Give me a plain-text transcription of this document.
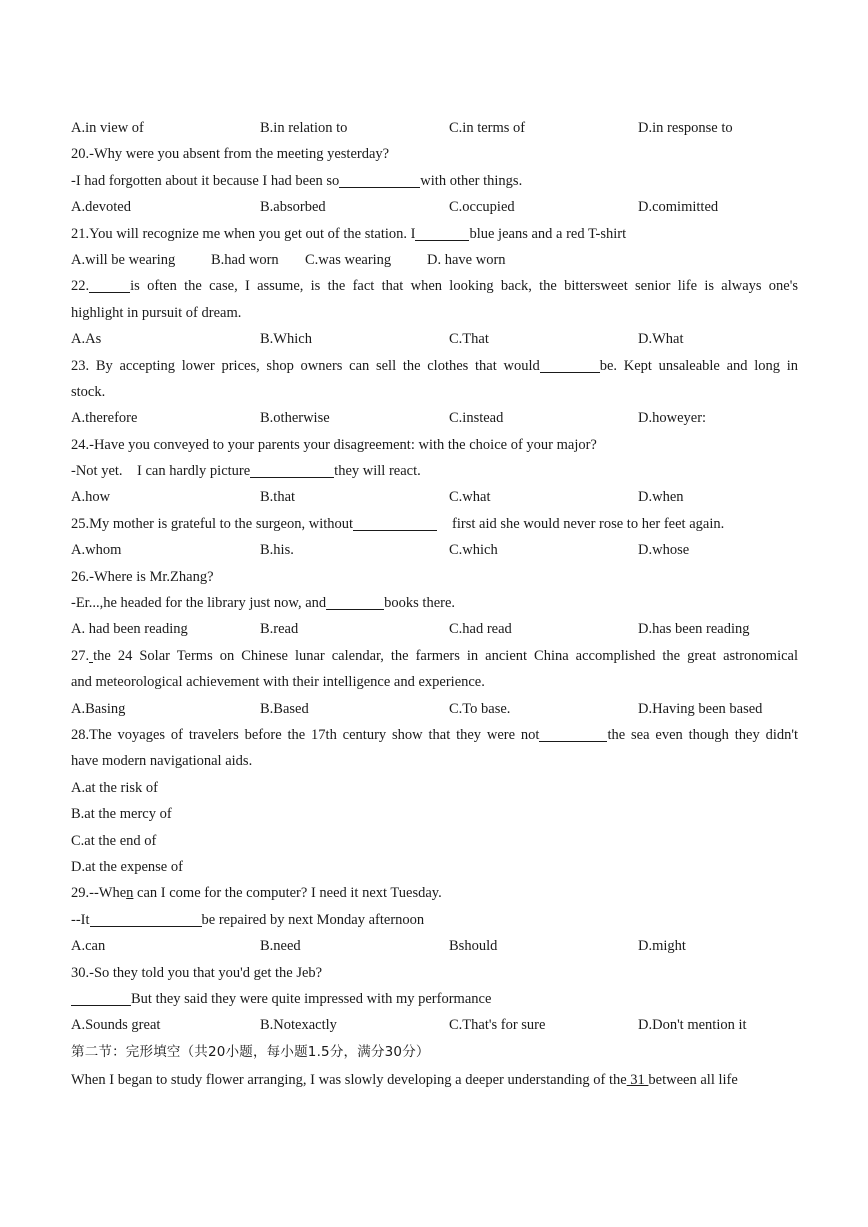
A.in view of	B.in relation to	C.in terms of	D.in response to
20.-Why were you absent from the meeting yesterday?
-I had forgotten about it because I had been so	with other things.
A.devoted	B.absorbed	C.occupied	D.comimitted
21.You will recognize me when you get out of the station. I	blue jeans and a red T-shirt
A.will be wearing	B.had worn	C.was wearing	D. have worn
22.	is often the case, I assume, is the fact that when looking back, the bittersweet senior life is always one's
highlight in pursuit of dream.
A.As	B.Which	C.That	D.What
23. By accepting lower prices, shop owners can sell the clothes that would	be. Kept unsaleable and long in
stock.
A.therefore	B.otherwise	C.instead	D.howeyer:
24.-Have you conveyed to your parents your disagreement: with the choice of your major?
-Not yet.    I can hardly picture	they will react.
A.how	B.that	C.what	D.when
25.My mother is grateful to the surgeon, without	first aid she would never rose to her feet again.
A.whom	B.his.	C.which	D.whose
26.-Where is Mr.Zhang?
-Er...,he headed for the library just now, and	books there.
A. had been reading	B.read	C.had read	D.has been reading
27. the 24 Solar Terms on Chinese lunar calendar, the farmers in ancient China accomplished the great astronomical
and meteorological achievement with their intelligence and experience.
A.Basing	B.Based	C.To base.	D.Having been based
28.The voyages of travelers before the 17th century show that they were not	the sea even though they didn't
have modern navigational aids.
A.at the risk of
B.at the mercy of
C.at the end of
D.at the expense of
29.--When can I come for the computer? I need it next Tuesday.
--It	be repaired by next Monday afternoon
A.can	B.need	Bshould	D.might
30.-So they told you that you'd get the Jeb?
But they said they were quite impressed with my performance
A.Sounds great	B.Notexactly	C.That's for sure	D.Don't mention it
第二节：完形填空（共20小题，每小题1.5分，满分30分）
When I began to study flower arranging, I was slowly developing a deeper understanding of the 31 between all life
